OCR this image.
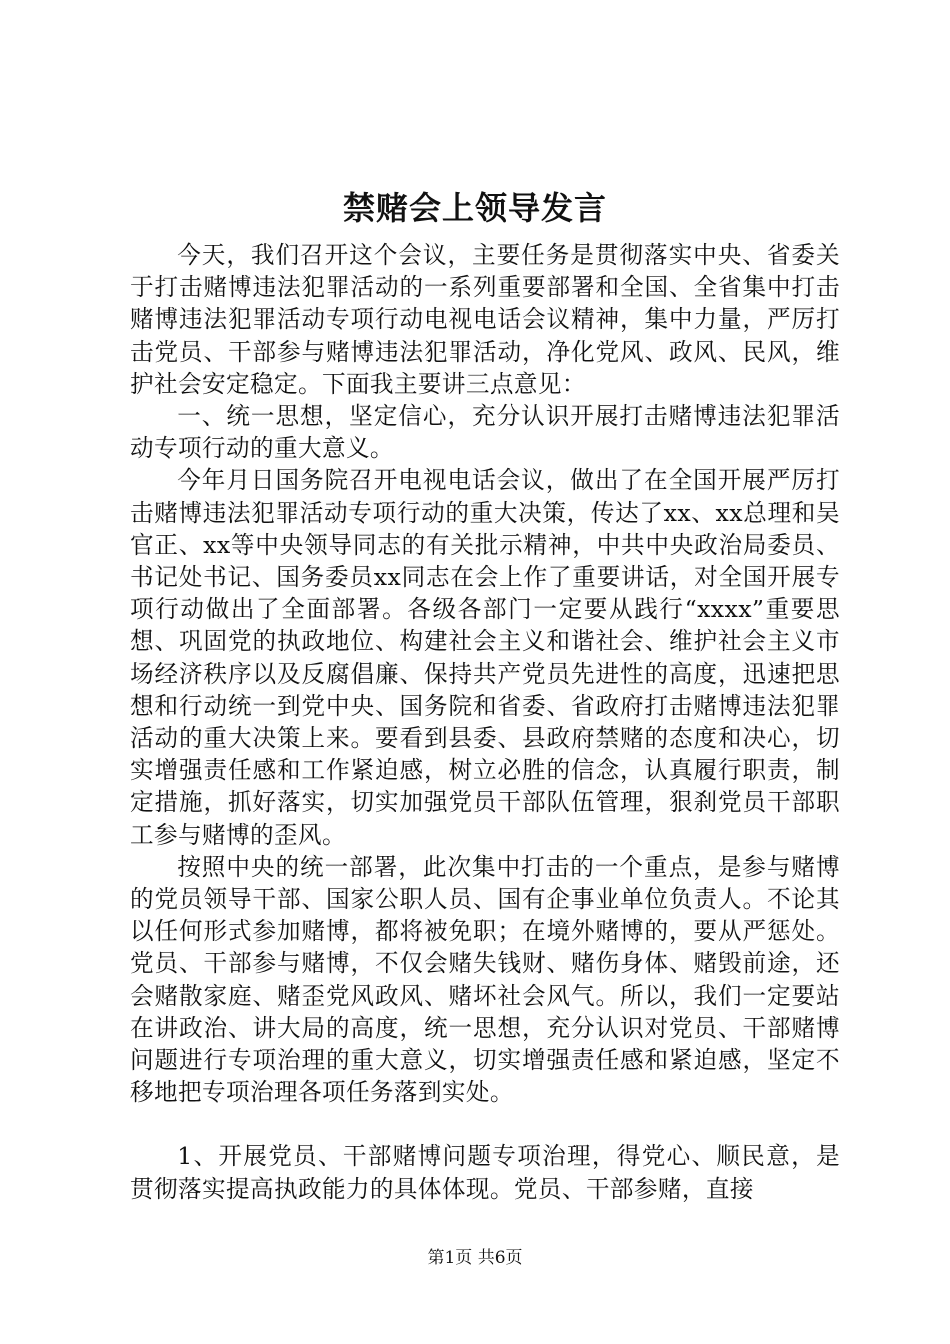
禁赌会上领导发言

今天，我们召开这个会议，主要任务是贯彻落实中央、省委关于打击赌博违法犯罪活动的一系列重要部署和全国、全省集中打击赌博违法犯罪活动专项行动电视电话会议精神，集中力量，严厉打击党员、干部参与赌博违法犯罪活动，净化党风、政风、民风，维护社会安定稳定。下面我主要讲三点意见：

一、统一思想，坚定信心，充分认识开展打击赌博违法犯罪活动专项行动的重大意义。

今年月日国务院召开电视电话会议，做出了在全国开展严厉打击赌博违法犯罪活动专项行动的重大决策，传达了xx、xx总理和吴官正、xx等中央领导同志的有关批示精神，中共中央政治局委员、书记处书记、国务委员xx同志在会上作了重要讲话，对全国开展专项行动做出了全面部署。各级各部门一定要从践行“xxxx”重要思想、巩固党的执政地位、构建社会主义和谐社会、维护社会主义市场经济秩序以及反腐倡廉、保持共产党员先进性的高度，迅速把思想和行动统一到党中央、国务院和省委、省政府打击赌博违法犯罪活动的重大决策上来。要看到县委、县政府禁赌的态度和决心，切实增强责任感和工作紧迫感，树立必胜的信念，认真履行职责，制定措施，抓好落实，切实加强党员干部队伍管理，狠刹党员干部职工参与赌博的歪风。

按照中央的统一部署，此次集中打击的一个重点，是参与赌博的党员领导干部、国家公职人员、国有企事业单位负责人。不论其以任何形式参加赌博，都将被免职；在境外赌博的，要从严惩处。党员、干部参与赌博，不仅会赌失钱财、赌伤身体、赌毁前途，还会赌散家庭、赌歪党风政风、赌坏社会风气。所以，我们一定要站在讲政治、讲大局的高度，统一思想，充分认识对党员、干部赌博问题进行专项治理的重大意义，切实增强责任感和紧迫感，坚定不移地把专项治理各项任务落到实处。

1、开展党员、干部赌博问题专项治理，得党心、顺民意，是贯彻落实提高执政能力的具体体现。党员、干部参赌，直接

第1页 共6页
